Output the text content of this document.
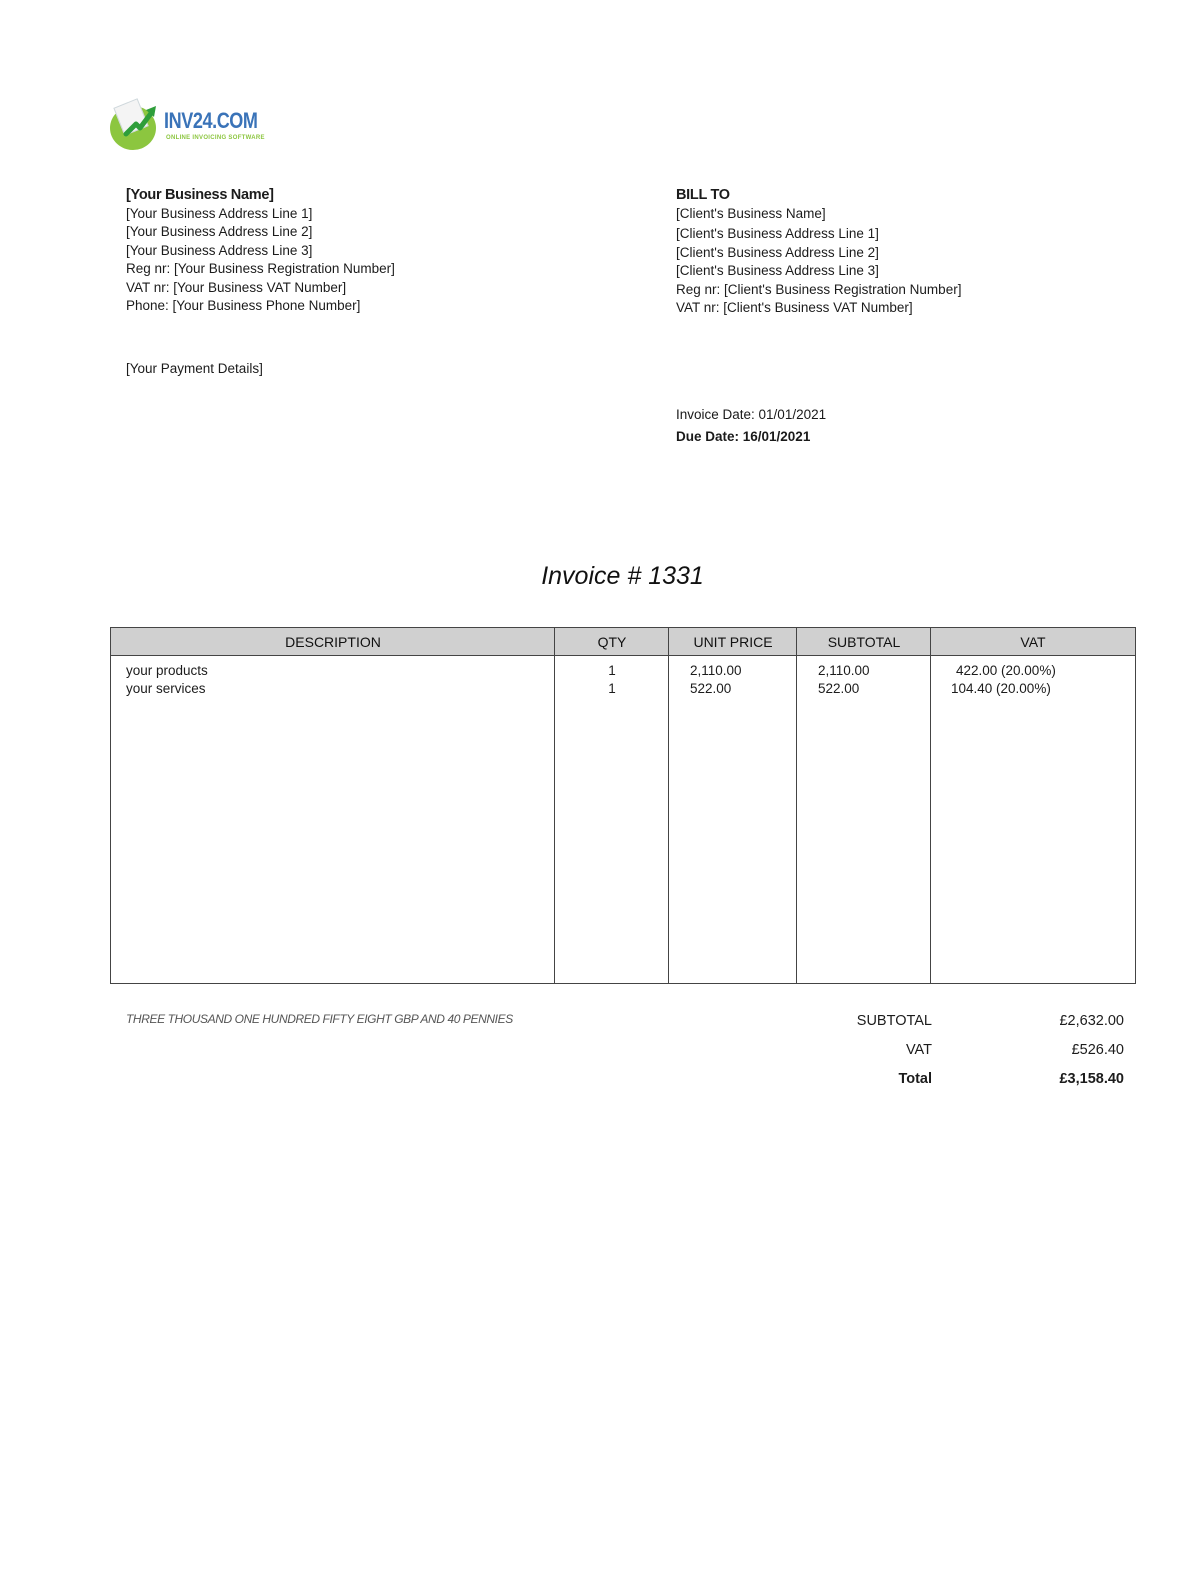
INV24.COM
ONLINE INVOICING SOFTWARE
[Your Business Name]
[Your Business Address Line 1]
[Your Business Address Line 2]
[Your Business Address Line 3]
Reg nr: [Your Business Registration Number]
VAT nr: [Your Business VAT Number]
Phone: [Your Business Phone Number]
BILL TO
[Client's Business Name]
[Client's Business Address Line 1]
[Client's Business Address Line 2]
[Client's Business Address Line 3]
Reg nr: [Client's Business Registration Number]
VAT nr: [Client's Business VAT Number]
[Your Payment Details]
Invoice Date: 01/01/2021
Due Date: 16/01/2021
Invoice # 1331
DESCRIPTION	QTY	UNIT PRICE	SUBTOTAL	VAT
your products	1	2,110.00	2,110.00	422.00 (20.00%)
your services	1	522.00	522.00	104.40 (20.00%)
THREE THOUSAND ONE HUNDRED FIFTY EIGHT GBP AND 40 PENNIES	SUBTOTAL	£2,632.00
VAT	£526.40
Total	£3,158.40
